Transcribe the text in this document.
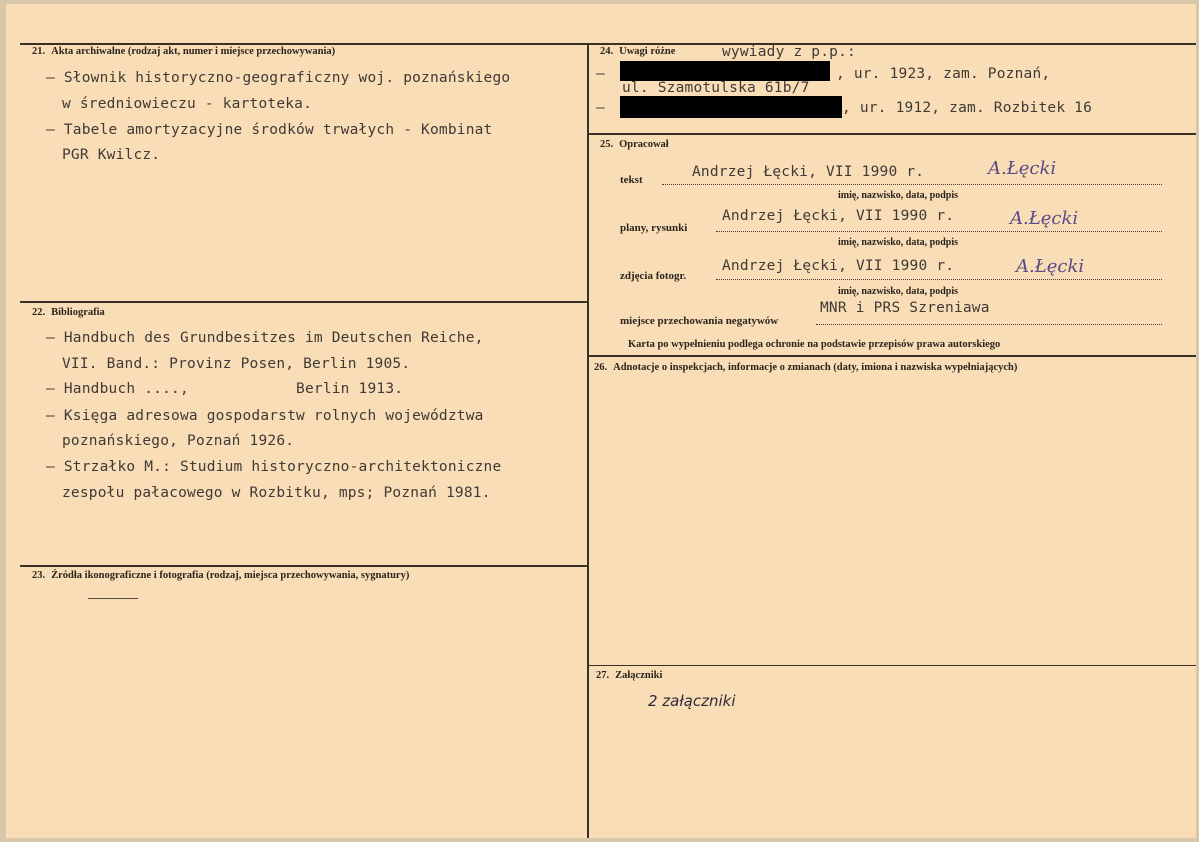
21. Akta archiwalne (rodzaj akt, numer i miejsce przechowywania)
– Słownik historyczno-geograficzny woj. poznańskiego
w średniowieczu - kartoteka.
– Tabele amortyzacyjne środków trwałych - Kombinat
PGR Kwilcz.
22. Bibliografia
– Handbuch des Grundbesitzes im Deutschen Reiche,
VII. Band.: Provinz Posen, Berlin 1905.
– Handbuch ....,            Berlin 1913.
– Księga adresowa gospodarstw rolnych województwa
poznańskiego, Poznań 1926.
– Strzałko M.: Studium historyczno-architektoniczne
zespołu pałacowego w Rozbitku, mps; Poznań 1981.
23. Źródła ikonograficzne i fotografia (rodzaj, miejsca przechowywania, sygnatury)
24. Uwagi różne	wywiady z p.p.:
–	, ur. 1923, zam. Poznań,
ul. Szamotulska 61b/7
–	, ur. 1912, zam. Rozbitek 16
25. Opracował
tekst	Andrzej Łęcki, VII 1990 r.	A.Łęcki
imię, nazwisko, data, podpis
plany, rysunki
Andrzej Łęcki, VII 1990 r.	A.Łęcki
imię, nazwisko, data, podpis
zdjęcia fotogr.
Andrzej Łęcki, VII 1990 r.	A.Łęcki
imię, nazwisko, data, podpis
miejsce przechowania negatywów
MNR i PRS Szreniawa
Karta po wypełnieniu podlega ochronie na podstawie przepisów prawa autorskiego
26. Adnotacje o inspekcjach, informacje o zmianach (daty, imiona i nazwiska wypełniających)
27. Załączniki
2 załączniki
